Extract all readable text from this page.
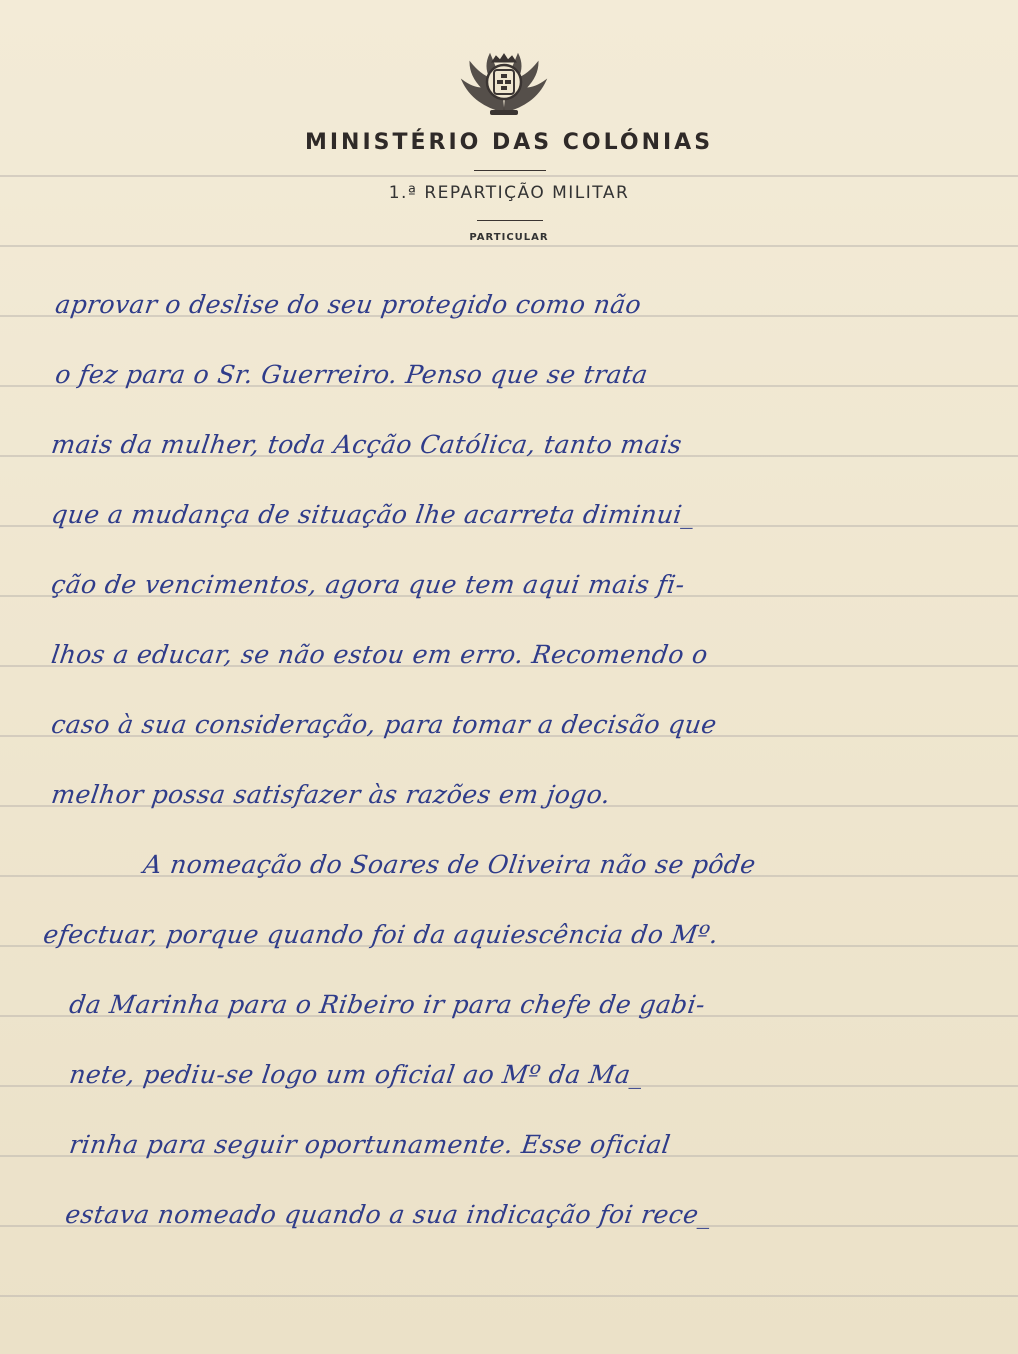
MINISTÉRIO DAS COLÓNIAS
1.ª REPARTIÇÃO MILITAR
PARTICULAR
aprovar o deslise do seu protegido como não
o fez para o Sr. Guerreiro. Penso que se trata
mais da mulher, toda Acção Católica, tanto mais
que a mudança de situação lhe acarreta diminui_
ção de vencimentos, agora que tem aqui mais fi-
lhos a educar, se não estou em erro. Recomendo o
caso à sua consideração, para tomar a decisão que
melhor possa satisfazer às razões em jogo.
A nomeação do Soares de Oliveira não se pôde
efectuar, porque quando foi da aquiescência do Mº.
da Marinha para o Ribeiro ir para chefe de gabi-
nete, pediu-se logo um oficial ao Mº da Ma_
rinha para seguir oportunamente. Esse oficial
estava nomeado quando a sua indicação foi rece_
